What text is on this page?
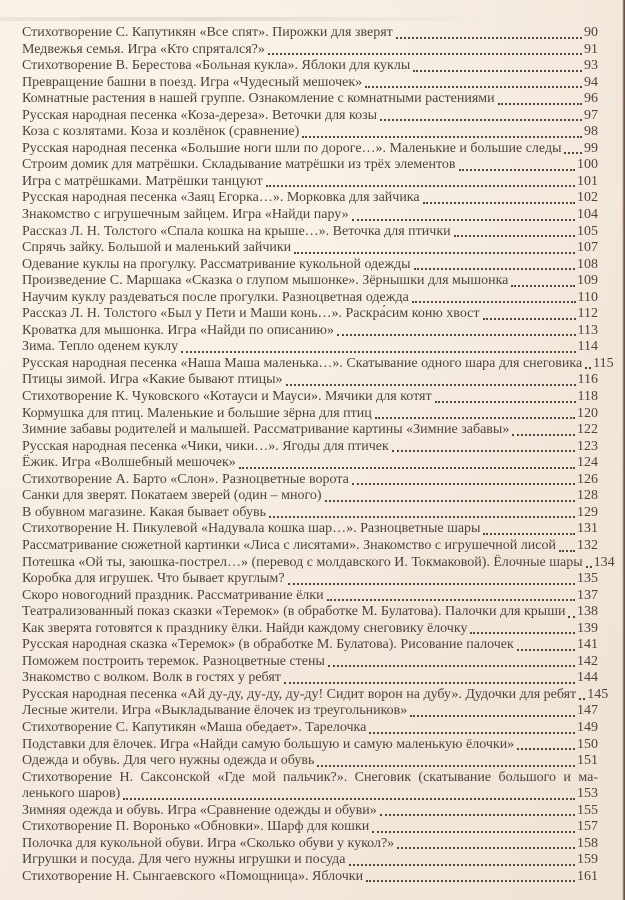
Стихотворение С. Капутикян «Все спят». Пирожки для зверят	90
Медвежья семья. Игра «Кто спрятался?»	91
Стихотворение В. Берестова «Больная кукла». Яблоки для куклы	93
Превращение башни в поезд. Игра «Чудесный мешочек»	94
Комнатные растения в нашей группе. Ознакомление с комнатными растениями	96
Русская народная песенка «Коза-дереза». Веточки для козы	97
Коза с козлятами. Коза и козлёнок (сравнение)	98
Русская народная песенка «Большие ноги шли по дороге…». Маленькие и большие следы 99
Строим домик для матрёшки. Складывание матрёшки из трёх элементов	100
Игра с матрёшками. Матрёшки танцуют	101
Русская народная песенка «Заяц Егорка…». Морковка для зайчика	102
Знакомство с игрушечным зайцем. Игра «Найди пару»	104
Рассказ Л. Н. Толстого «Спала кошка на крыше…». Веточка для птички	105
Спрячь зайку. Большой и маленький зайчики	107
Одевание куклы на прогулку. Рассматривание кукольной одежды	108
Произведение С. Маршака «Сказка о глупом мышонке». Зёрнышки для мышонка	109
Научим куклу раздеваться после прогулки. Разноцветная одежда	110
Рассказ Л. Н. Толстого «Был у Пети и Маши конь…». Раскра́сим коню хвост	112
Кроватка для мышонка. Игра «Найди по описанию»	113
Зима. Тепло оденем куклу	114
Русская народная песенка «Наша Маша маленька…». Скатывание одного шара для снеговика 115
Птицы зимой. Игра «Какие бывают птицы»	116
Стихотворение К. Чуковского «Котауси и Мауси». Мячики для котят	118
Кормушка для птиц. Маленькие и большие зёрна для птиц	120
Зимние забавы родителей и малышей. Рассматривание картины «Зимние забавы»	122
Русская народная песенка «Чики, чики…». Ягоды для птичек	123
Ёжик. Игра «Волшебный мешочек»	124
Стихотворение А. Барто «Слон». Разноцветные ворота	126
Санки для зверят. Покатаем зверей (один – много)	128
В обувном магазине. Какая бывает обувь	129
Стихотворение Н. Пикулевой «Надувала кошка шар…». Разноцветные шары	131
Рассматривание сюжетной картинки «Лиса с лисятами». Знакомство с игрушечной лисой 132
Потешка «Ой ты, заюшка-пострел…» (перевод с молдавского И. Токмаковой). Ёлочные шары 134
Коробка для игрушек. Что бывает круглым?	135
Скоро новогодний праздник. Рассматривание ёлки	137
Театрализованный показ сказки «Теремок» (в обработке М. Булатова). Палочки для крыши 138
Как зверята готовятся к празднику ёлки. Найди каждому снеговику ёлочку	139
Русская народная сказка «Теремок» (в обработке М. Булатова). Рисование палочек	141
Поможем построить теремок. Разноцветные стены	142
Знакомство с волком. Волк в гостях у ребят	144
Русская народная песенка «Ай ду-ду, ду-ду, ду-ду! Сидит ворон на дубу». Дудочки для ребят 145
Лесные жители. Игра «Выкладывание ёлочек из треугольников»	147
Стихотворение С. Капутикян «Маша обедает». Тарелочка	149
Подставки для ёлочек. Игра «Найди самую большую и самую маленькую ёлочки»	150
Одежда и обувь. Для чего нужны одежда и обувь	151
Стихотворение Н. Саксонской «Где мой пальчик?». Снеговик (скатывание большого и ма-
ленького шаров)	153
Зимняя одежда и обувь. Игра «Сравнение одежды и обуви»	155
Стихотворение П. Воронько «Обновки». Шарф для кошки	157
Полочка для кукольной обуви. Игра «Сколько обуви у кукол?»	158
Игрушки и посуда. Для чего нужны игрушки и посуда	159
Стихотворение Н. Сынгаевского «Помощница». Яблочки	161
